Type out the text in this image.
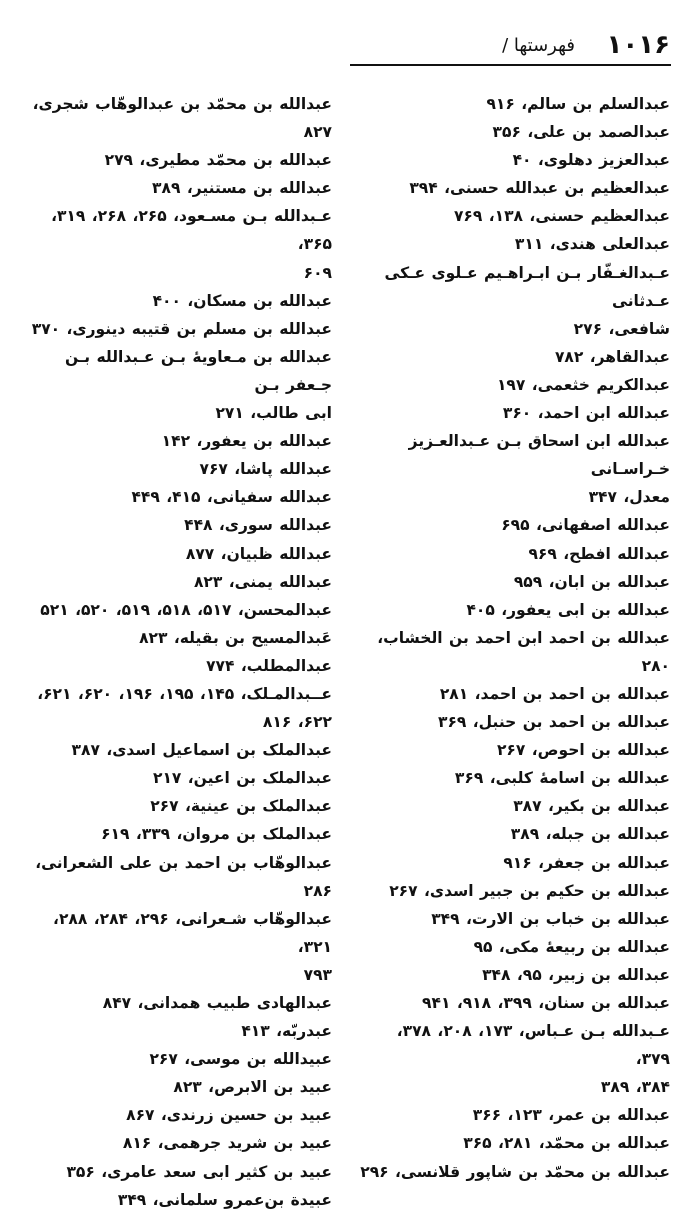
۱۰۱۶
فهرستها /
عبدالسلم بن سالم، ۹۱۶
عبدالصمد بن علی، ۳۵۶
عبدالعزیز دهلوی، ۴۰
عبدالعظیم بن عبدالله حسنی، ۳۹۴
عبدالعظیم حسنی، ۱۳۸، ۷۶۹
عبدالعلی هندی، ۳۱۱
عـبدالغـفّار بـن ابـراهـیم عـلوی عـکی عـدثانی
شافعی، ۲۷۶
عبدالقاهر، ۷۸۲
عبدالکریم خثعمی، ۱۹۷
عبدالله ابن احمد، ۳۶۰
عبدالله ابن اسحاق بـن عـبدالعـزیز خـراسـانی
معدل، ۳۴۷
عبدالله اصفهانی، ۶۹۵
عبدالله افطح، ۹۶۹
عبدالله بن ابان، ۹۵۹
عبدالله بن ابی یعفور، ۴۰۵
عبدالله بن احمد ابن احمد بن الخشاب، ۲۸۰
عبدالله بن احمد بن احمد، ۲۸۱
عبدالله بن احمد بن حنبل، ۳۶۹
عبدالله بن احوص، ۲۶۷
عبدالله بن اسامهٔ کلبی، ۳۶۹
عبدالله بن بکیر، ۳۸۷
عبدالله بن جبله، ۳۸۹
عبدالله بن جعفر، ۹۱۶
عبدالله بن حکیم بن جبیر اسدی، ۲۶۷
عبدالله بن خباب بن الارت، ۳۴۹
عبدالله بن ربیعهٔ مکی، ۹۵
عبدالله بن زبیر، ۹۵، ۳۴۸
عبدالله بن سنان، ۳۹۹، ۹۱۸، ۹۴۱
عـبدالله بـن عـباس، ۱۷۳، ۲۰۸، ۳۷۸، ۳۷۹،
۳۸۴، ۳۸۹
عبدالله بن عمر، ۱۲۳، ۳۶۶
عبدالله بن محمّد، ۲۸۱، ۳۶۵
عبدالله بن محمّد بن شاپور قلانسی، ۲۹۶
عبدالله بن محمّد بن عبدالوهّاب شجری، ۸۲۷
عبدالله بن محمّد مطیری، ۲۷۹
عبدالله بن مستنیر، ۳۸۹
عـبدالله بـن مسـعود، ۲۶۵، ۲۶۸، ۳۱۹، ۳۶۵،
۶۰۹
عبدالله بن مسکان، ۴۰۰
عبدالله بن مسلم بن قتیبه دینوری، ۳۷۰
عبدالله بن مـعاویهٔ بـن عـبدالله بـن جـعفر بـن
ابی طالب، ۲۷۱
عبدالله بن یعفور، ۱۴۲
عبدالله پاشا، ۷۶۷
عبدالله سفیانی، ۴۱۵، ۴۴۹
عبدالله سوری، ۴۴۸
عبدالله ظبیان، ۸۷۷
عبدالله یمنی، ۸۲۳
عبدالمحسن، ۵۱۷، ۵۱۸، ۵۱۹، ۵۲۰، ۵۲۱
عَبدالمسیح بن بقیله، ۸۲۳
عبدالمطلب، ۷۷۴
عــبدالمـلک، ۱۴۵، ۱۹۵، ۱۹۶، ۶۲۰، ۶۲۱،
۶۲۲، ۸۱۶
عبدالملک بن اسماعیل اسدی، ۳۸۷
عبدالملک بن اعین، ۲۱۷
عبدالملک بن عینیة، ۲۶۷
عبدالملک بن مروان، ۳۳۹، ۶۱۹
عبدالوهّاب بن احمد بن علی الشعرانی، ۲۸۶
عبدالوهّاب شـعرانی، ۲۹۶، ۲۸۴، ۲۸۸، ۳۲۱،
۷۹۳
عبدالهادی طبیب همدانی، ۸۴۷
عبدربّه، ۴۱۳
عبیدالله بن موسی، ۲۶۷
عبید بن الابرص، ۸۲۳
عبید بن حسین زرندی، ۸۶۷
عبید بن شرید جرهمی، ۸۱۶
عبید بن کثیر ابی سعد عامری، ۳۵۶
عبیدة بن‌عمرو سلمانی، ۳۴۹
